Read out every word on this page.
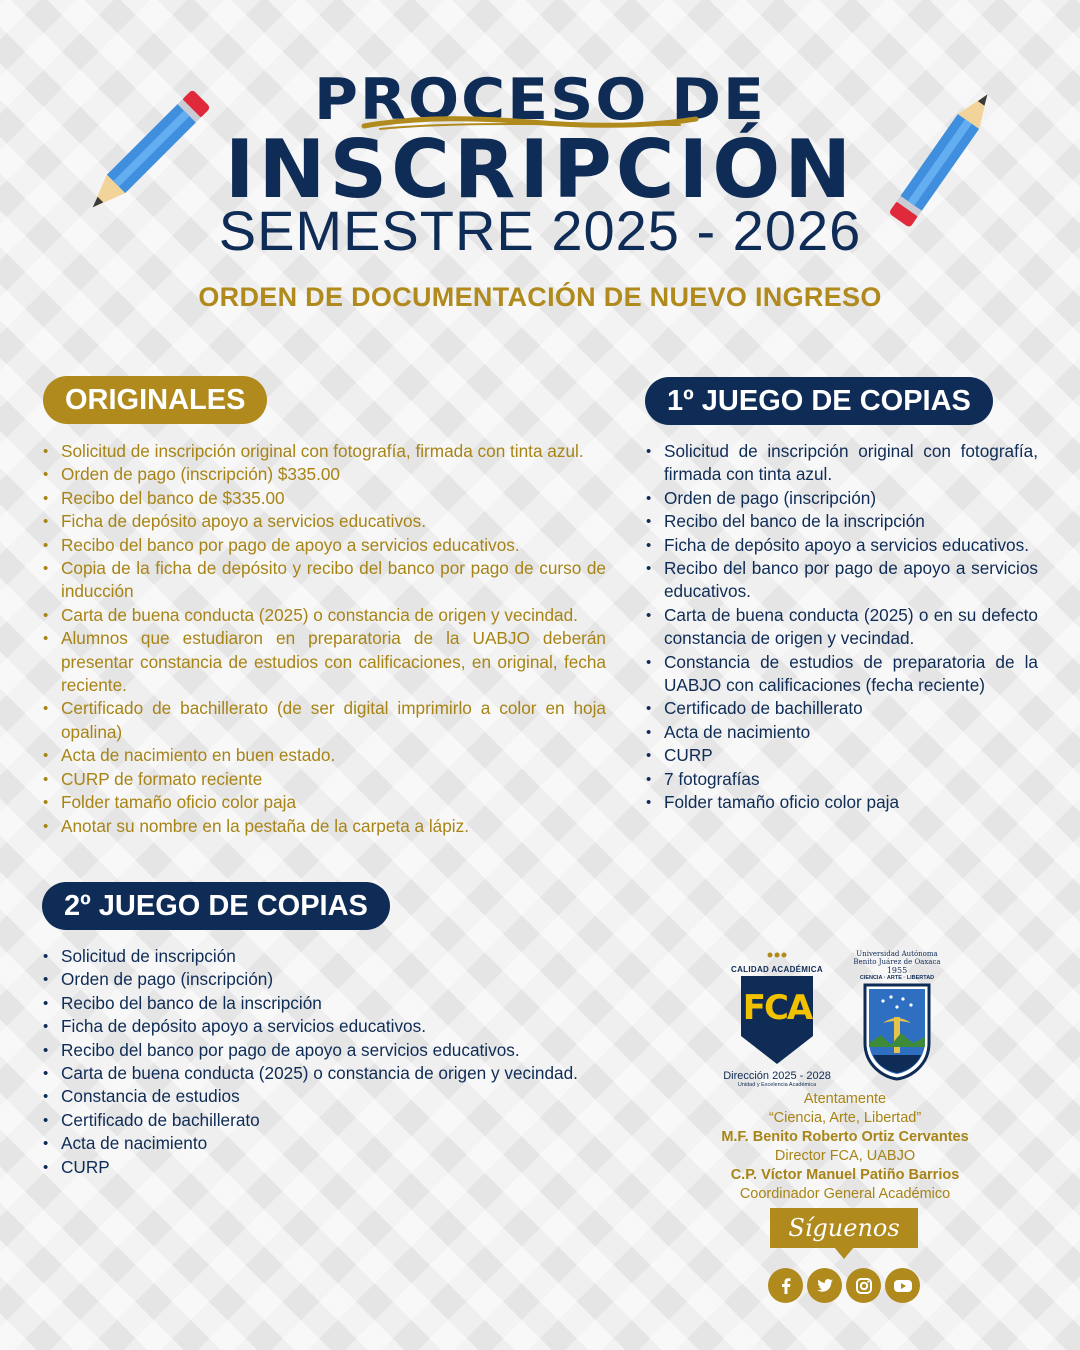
PROCESO DE
INSCRIPCIÓN
SEMESTRE 2025 - 2026
ORDEN DE DOCUMENTACIÓN DE NUEVO INGRESO
ORIGINALES
• Solicitud de inscripción original con fotografía, firmada con tinta azul.
• Orden de pago (inscripción) $335.00
• Recibo del banco de $335.00
• Ficha de depósito apoyo a servicios educativos.
• Recibo del banco por pago de apoyo a servicios educativos.
• Copia de la ficha de depósito y recibo del banco por pago de curso de inducción
• Carta de buena conducta (2025) o constancia de origen y vecindad.
• Alumnos que estudiaron en preparatoria de la UABJO deberán presentar constancia de estudios con calificaciones, en original, fecha reciente.
• Certificado de bachillerato (de ser digital imprimirlo a color en hoja opalina)
• Acta de nacimiento en buen estado.
• CURP de formato reciente
• Folder tamaño oficio color paja
• Anotar su nombre en la pestaña de la carpeta a lápiz.
1º JUEGO DE COPIAS
• Solicitud de inscripción original con fotografía, firmada con tinta azul.
• Orden de pago (inscripción)
• Recibo del banco de la inscripción
• Ficha de depósito apoyo a servicios educativos.
• Recibo del banco por pago de apoyo a servicios educativos.
• Carta de buena conducta (2025) o en su defecto constancia de origen y vecindad.
• Constancia de estudios de preparatoria de la UABJO con calificaciones (fecha reciente)
• Certificado de bachillerato
• Acta de nacimiento
• CURP
• 7 fotografías
• Folder tamaño oficio color paja
2º JUEGO DE COPIAS
• Solicitud de inscripción
• Orden de pago (inscripción)
• Recibo del banco de la inscripción
• Ficha de depósito apoyo a servicios educativos.
• Recibo del banco por pago de apoyo a servicios educativos.
• Carta de buena conducta (2025) o constancia de origen y vecindad.
• Constancia de estudios
• Certificado de bachillerato
• Acta de nacimiento
• CURP
CALIDAD ACADÉMICA
FCA
Dirección 2025 - 2028
Unidad y Excelencia Académica
Universidad Autónoma Benito Juárez de Oaxaca
1955
CIENCIA · ARTE · LIBERTAD
Atentamente
“Ciencia, Arte, Libertad”
M.F. Benito Roberto Ortiz Cervantes
Director FCA, UABJO
C.P. Víctor Manuel Patiño Barrios
Coordinador General Académico
Síguenos
